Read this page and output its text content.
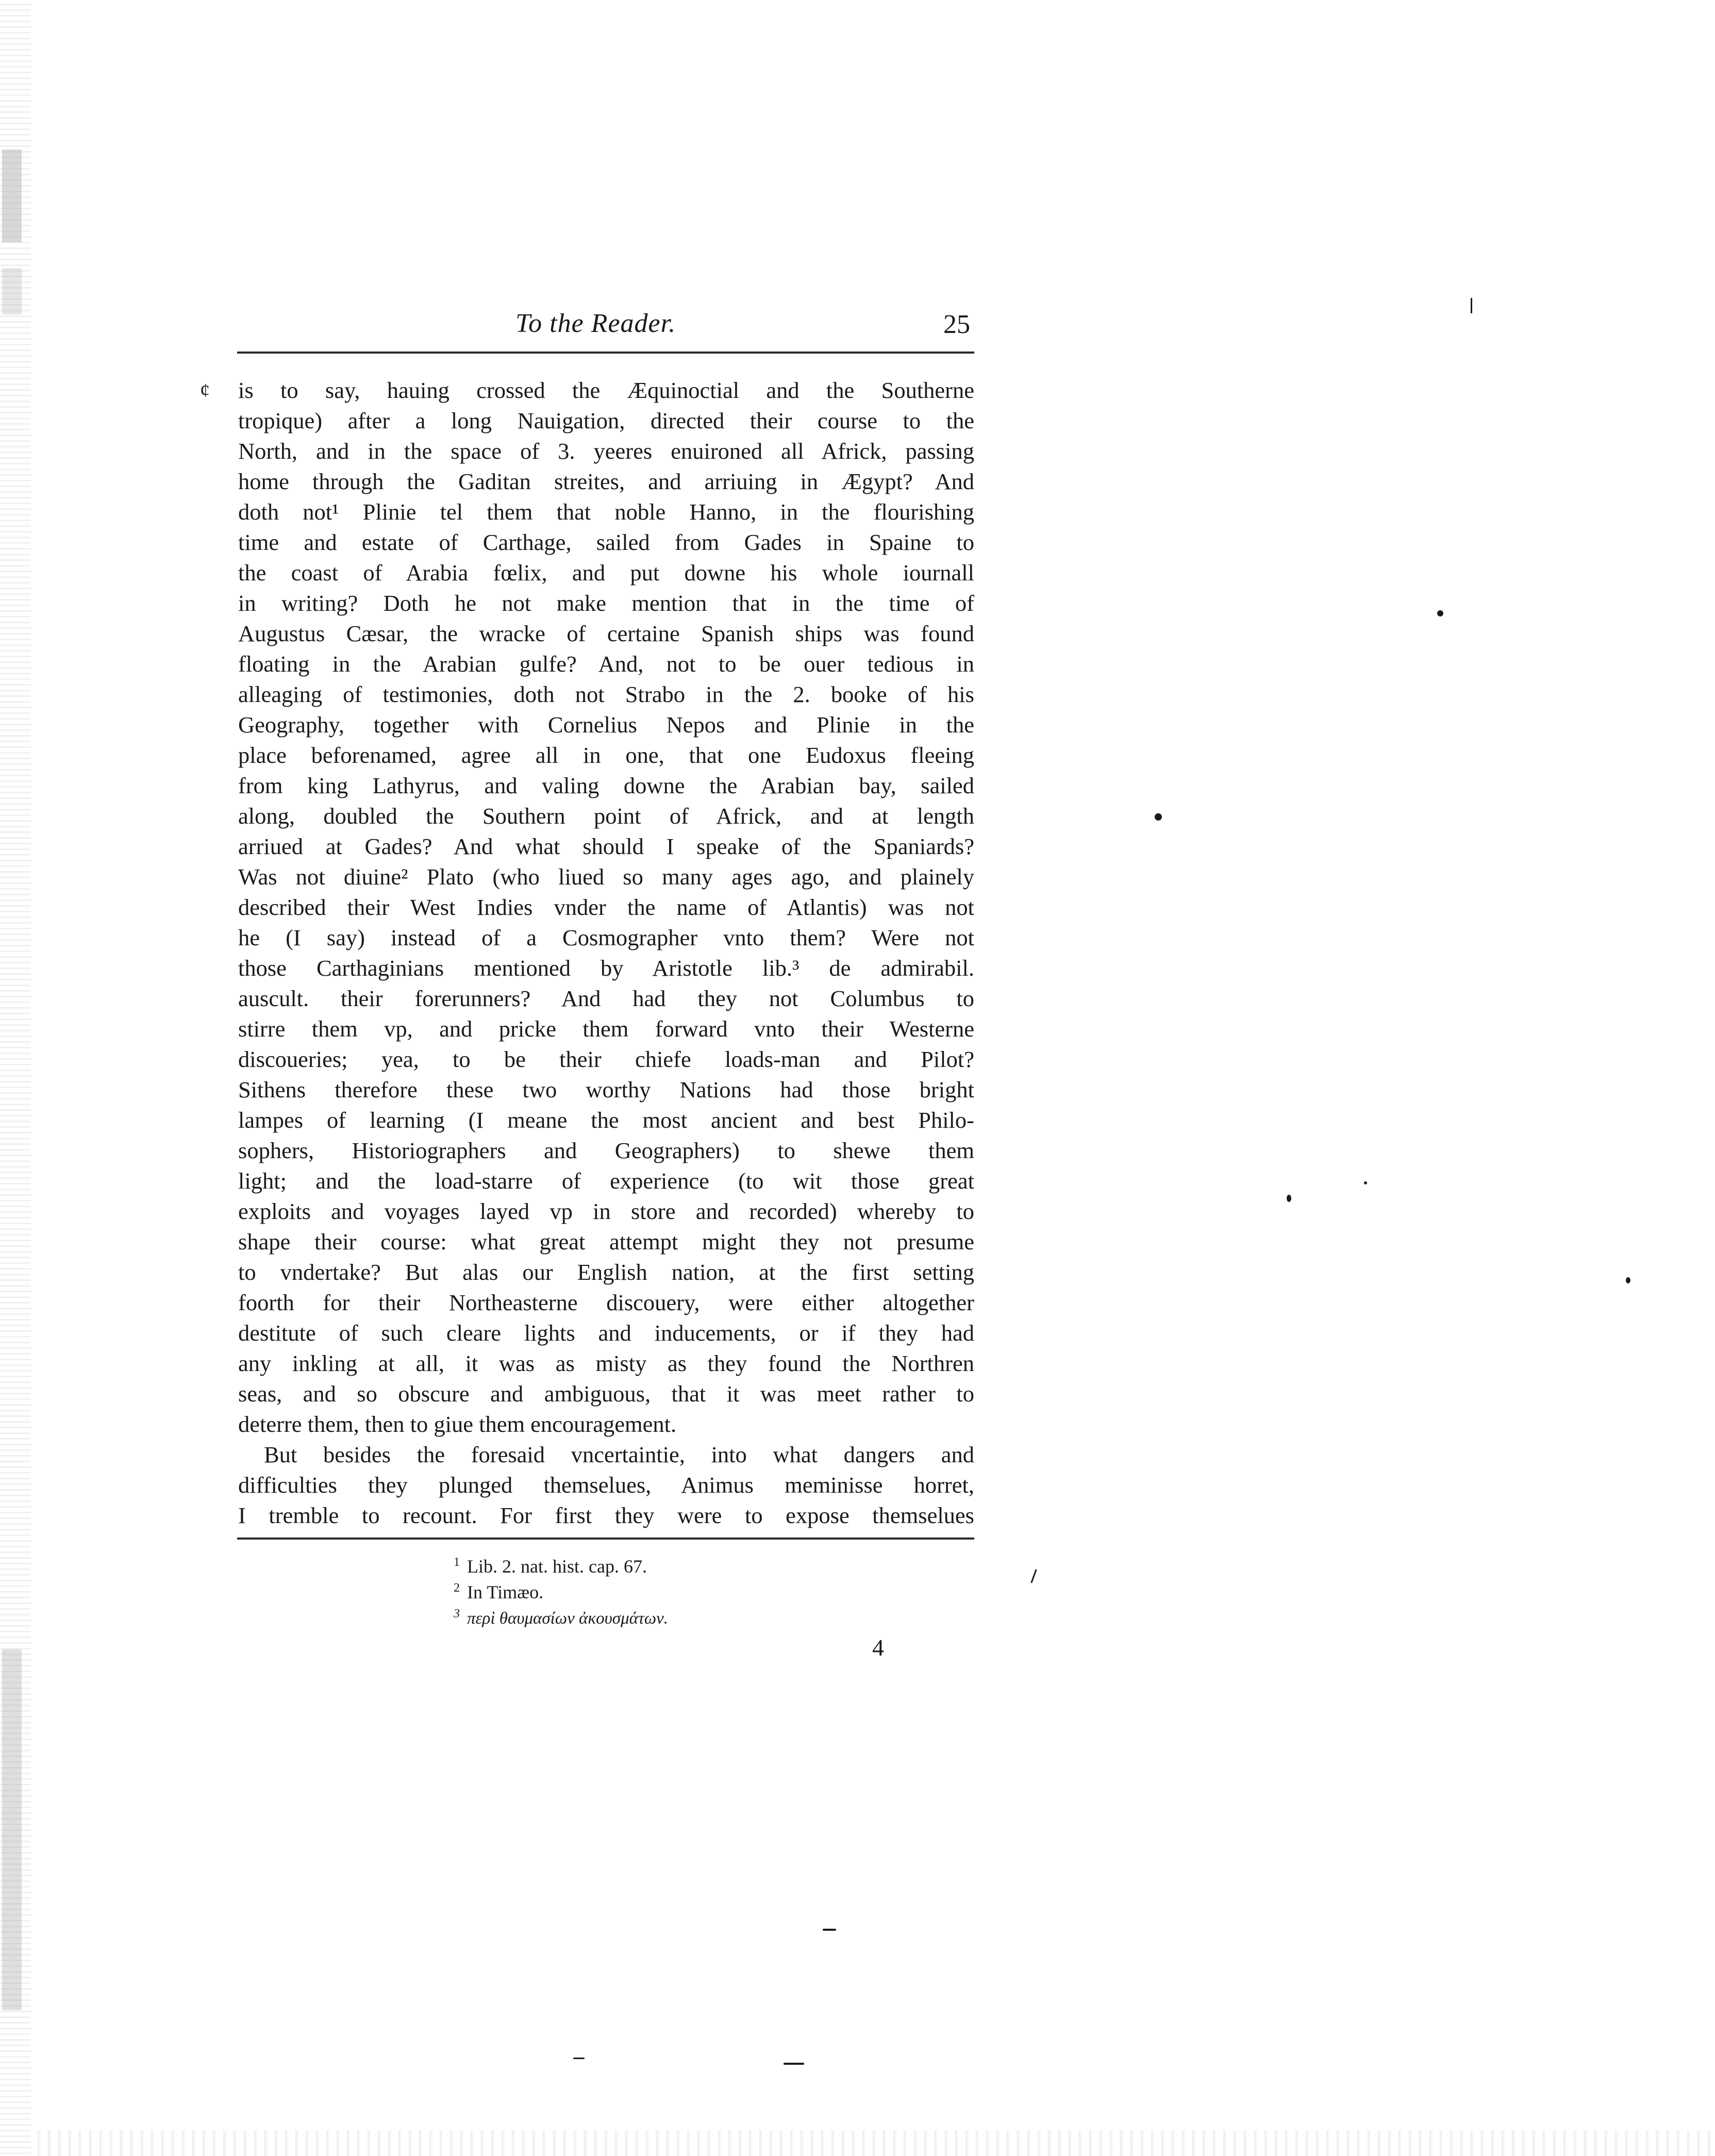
To the Reader.	25
¢ is to say, hauing crossed the Æquinoctial and the Southerne
tropique) after a long Nauigation, directed their course to the
North, and in the space of 3. yeeres enuironed all Africk, passing
home through the Gaditan streites, and arriuing in Ægypt? And
doth not¹ Plinie tel them that noble Hanno, in the flourishing
time and estate of Carthage, sailed from Gades in Spaine to
the coast of Arabia fœlix, and put downe his whole iournall
in writing? Doth he not make mention that in the time of
Augustus Cæsar, the wracke of certaine Spanish ships was found
floating in the Arabian gulfe? And, not to be ouer tedious in
alleaging of testimonies, doth not Strabo in the 2. booke of his
Geography, together with Cornelius Nepos and Plinie in the
place beforenamed, agree all in one, that one Eudoxus fleeing
from king Lathyrus, and valing downe the Arabian bay, sailed
along, doubled the Southern point of Africk, and at length
arriued at Gades? And what should I speake of the Spaniards?
Was not diuine² Plato (who liued so many ages ago, and plainely
described their West Indies vnder the name of Atlantis) was not
he (I say) instead of a Cosmographer vnto them? Were not
those Carthaginians mentioned by Aristotle lib.³ de admirabil.
auscult. their forerunners? And had they not Columbus to
stirre them vp, and pricke them forward vnto their Westerne
discoueries; yea, to be their chiefe loads-man and Pilot?
Sithens therefore these two worthy Nations had those bright
lampes of learning (I meane the most ancient and best Philo-
sophers, Historiographers and Geographers) to shewe them
light; and the load-starre of experience (to wit those great
exploits and voyages layed vp in store and recorded) whereby to
shape their course: what great attempt might they not presume
to vndertake? But alas our English nation, at the first setting
foorth for their Northeasterne discouery, were either altogether
destitute of such cleare lights and inducements, or if they had
any inkling at all, it was as misty as they found the Northren
seas, and so obscure and ambiguous, that it was meet rather to
deterre them, then to giue them encouragement.
But besides the foresaid vncertaintie, into what dangers and
difficulties they plunged themselues, Animus meminisse horret,
I tremble to recount. For first they were to expose themselues
$^1$ Lib. 2. nat. hist. cap. 67.
$^2$ In Timæo.
$^3$ περὶ θαυμασίων ἀκουσμάτων.
4
